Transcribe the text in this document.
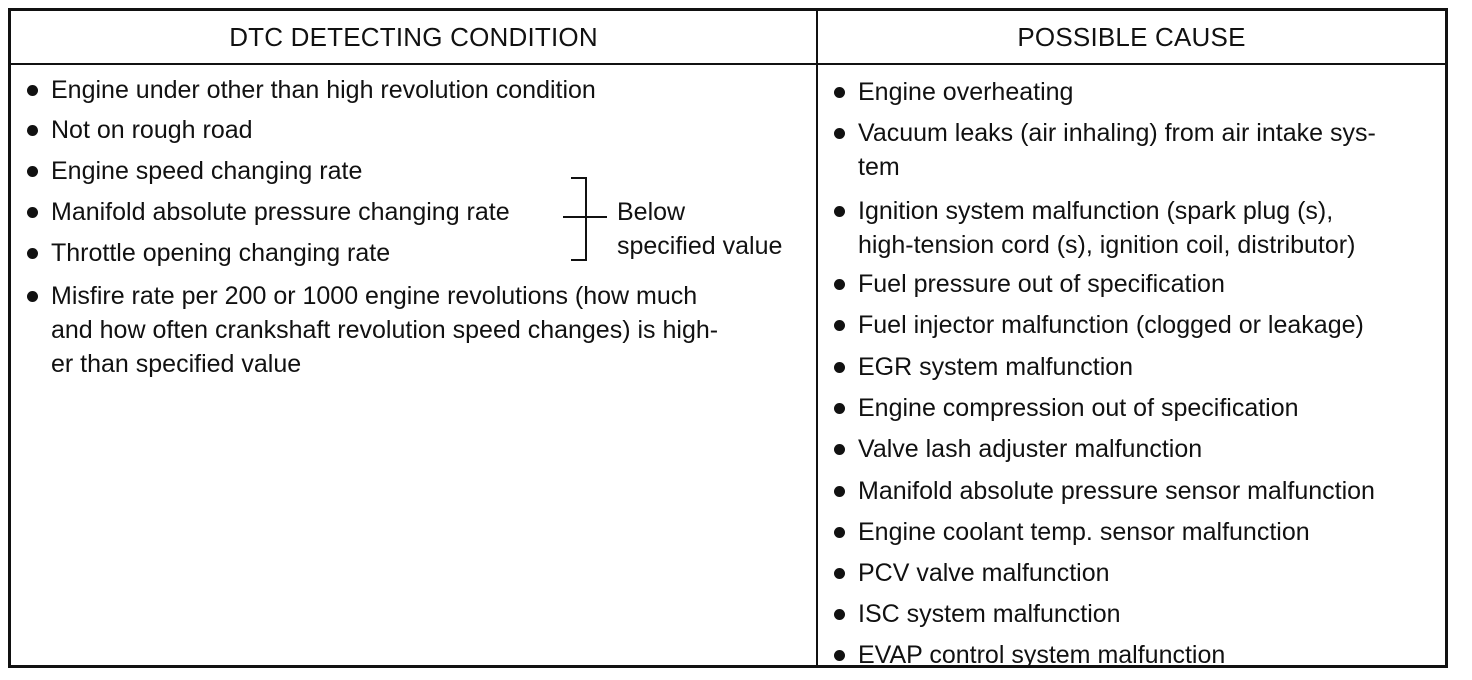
DTC DETECTING CONDITION	POSSIBLE CAUSE
Engine under other than high revolution condition
Not on rough road
Engine speed changing rate
Manifold absolute pressure changing rate
Throttle opening changing rate
Below
specified value
Misfire rate per 200 or 1000 engine revolutions (how much
and how often crankshaft revolution speed changes) is high-
er than specified value
Engine overheating
Vacuum leaks (air inhaling) from air intake sys-
tem
Ignition system malfunction (spark plug (s),
high-tension cord (s), ignition coil, distributor)
Fuel pressure out of specification
Fuel injector malfunction (clogged or leakage)
EGR system malfunction
Engine compression out of specification
Valve lash adjuster malfunction
Manifold absolute pressure sensor malfunction
Engine coolant temp. sensor malfunction
PCV valve malfunction
ISC system malfunction
EVAP control system malfunction
